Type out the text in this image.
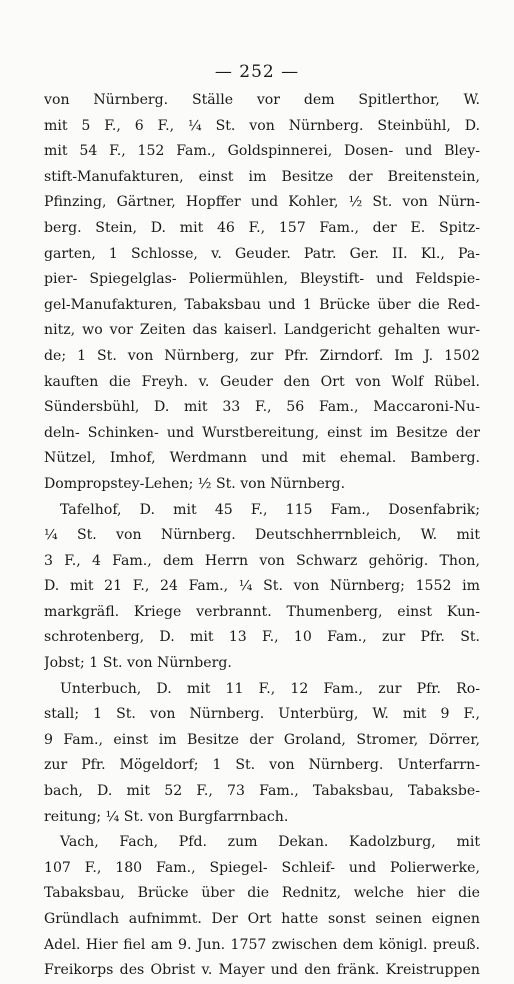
— 252 —
von Nürnberg. Ställe vor dem Spitlerthor, W.
mit 5 F., 6 F., ¼ St. von Nürnberg. Steinbühl, D.
mit 54 F., 152 Fam., Goldspinnerei, Dosen- und Bley-
stift-Manufakturen, einst im Besitze der Breitenstein,
Pfinzing, Gärtner, Hopffer und Kohler, ½ St. von Nürn-
berg. Stein, D. mit 46 F., 157 Fam., der E. Spitz-
garten, 1 Schlosse, v. Geuder. Patr. Ger. II. Kl., Pa-
pier- Spiegelglas- Poliermühlen, Bleystift- und Feldspie-
gel-Manufakturen, Tabaksbau und 1 Brücke über die Red-
nitz, wo vor Zeiten das kaiserl. Landgericht gehalten wur-
de; 1 St. von Nürnberg, zur Pfr. Zirndorf. Im J. 1502
kauften die Freyh. v. Geuder den Ort von Wolf Rübel.
Sündersbühl, D. mit 33 F., 56 Fam., Maccaroni-Nu-
deln- Schinken- und Wurstbereitung, einst im Besitze der
Nützel, Imhof, Werdmann und mit ehemal. Bamberg.
Dompropstey-Lehen; ½ St. von Nürnberg.
Tafelhof, D. mit 45 F., 115 Fam., Dosenfabrik;
¼ St. von Nürnberg. Deutschherrnbleich, W. mit
3 F., 4 Fam., dem Herrn von Schwarz gehörig. Thon,
D. mit 21 F., 24 Fam., ¼ St. von Nürnberg; 1552 im
markgräfl. Kriege verbrannt. Thumenberg, einst Kun-
schrotenberg, D. mit 13 F., 10 Fam., zur Pfr. St.
Jobst; 1 St. von Nürnberg.
Unterbuch, D. mit 11 F., 12 Fam., zur Pfr. Ro-
stall; 1 St. von Nürnberg. Unterbürg, W. mit 9 F.,
9 Fam., einst im Besitze der Groland, Stromer, Dörrer,
zur Pfr. Mögeldorf; 1 St. von Nürnberg. Unterfarrn-
bach, D. mit 52 F., 73 Fam., Tabaksbau, Tabaksbe-
reitung; ¼ St. von Burgfarrnbach.
Vach, Fach, Pfd. zum Dekan. Kadolzburg, mit
107 F., 180 Fam., Spiegel- Schleif- und Polierwerke,
Tabaksbau, Brücke über die Rednitz, welche hier die
Gründlach aufnimmt. Der Ort hatte sonst seinen eignen
Adel. Hier fiel am 9. Jun. 1757 zwischen dem königl. preuß.
Freikorps des Obrist v. Mayer und den fränk. Kreistruppen
